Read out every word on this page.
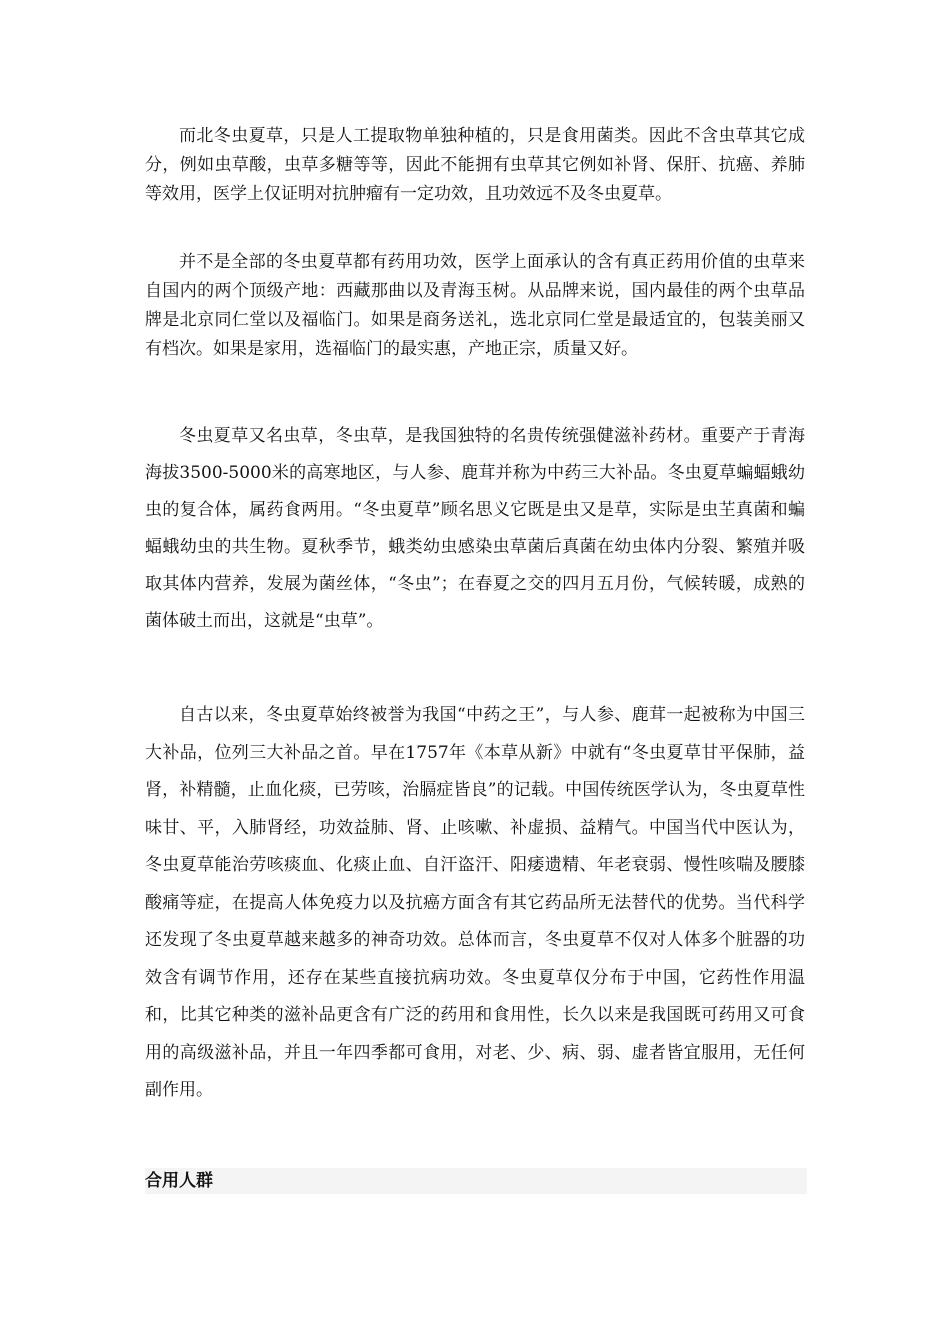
而北冬虫夏草，只是人工提取物单独种植的，只是食用菌类。因此不含虫草其它成分，例如虫草酸，虫草多糖等等，因此不能拥有虫草其它例如补肾、保肝、抗癌、养肺等效用，医学上仅证明对抗肿瘤有一定功效，且功效远不及冬虫夏草。

并不是全部的冬虫夏草都有药用功效，医学上面承认的含有真正药用价值的虫草来自国内的两个顶级产地：西藏那曲以及青海玉树。从品牌来说，国内最佳的两个虫草品牌是北京同仁堂以及福临门。如果是商务送礼，选北京同仁堂是最适宜的，包装美丽又有档次。如果是家用，选福临门的最实惠，产地正宗，质量又好。

冬虫夏草又名虫草，冬虫草，是我国独特的名贵传统强健滋补药材。重要产于青海海拔3500-5000米的高寒地区，与人参、鹿茸并称为中药三大补品。冬虫夏草蝙蝠蛾幼虫的复合体，属药食两用。“冬虫夏草”顾名思义它既是虫又是草，实际是虫芏真菌和蝙蝠蛾幼虫的共生物。夏秋季节，蛾类幼虫感染虫草菌后真菌在幼虫体内分裂、繁殖并吸取其体内营养，发展为菌丝体，“冬虫”；在春夏之交的四月五月份，气候转暖，成熟的菌体破土而出，这就是“虫草”。

自古以来，冬虫夏草始终被誉为我国“中药之王”，与人参、鹿茸一起被称为中国三大补品，位列三大补品之首。早在1757年《本草从新》中就有“冬虫夏草甘平保肺，益肾，补精髓，止血化痰，已劳咳，治膈症皆良”的记载。中国传统医学认为，冬虫夏草性味甘、平，入肺肾经，功效益肺、肾、止咳嗽、补虚损、益精气。中国当代中医认为，冬虫夏草能治劳咳痰血、化痰止血、自汗盗汗、阳痿遗精、年老衰弱、慢性咳喘及腰膝酸痛等症，在提高人体免疫力以及抗癌方面含有其它药品所无法替代的优势。当代科学还发现了冬虫夏草越来越多的神奇功效。总体而言，冬虫夏草不仅对人体多个脏器的功效含有调节作用，还存在某些直接抗病功效。冬虫夏草仅分布于中国，它药性作用温和，比其它种类的滋补品更含有广泛的药用和食用性，长久以来是我国既可药用又可食用的高级滋补品，并且一年四季都可食用，对老、少、病、弱、虚者皆宜服用，无任何副作用。

合用人群
